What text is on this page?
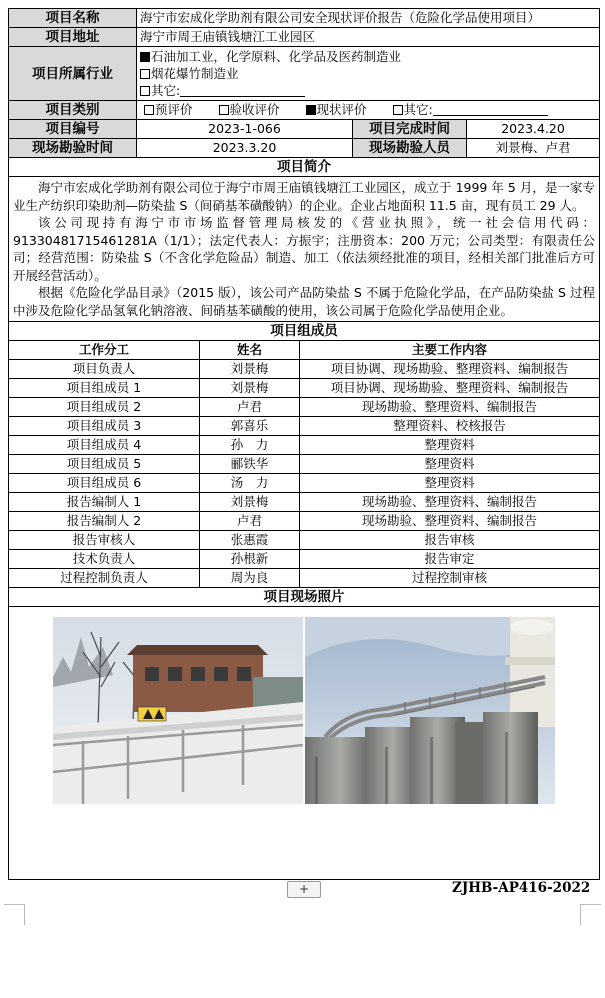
项目名称	海宁市宏成化学助剂有限公司安全现状评价报告（危险化学品使用项目）				
项目地址	海宁市周王庙镇钱塘江工业园区				
项目所属行业	石油加工业，化学原料、化学品及医药制造业
烟花爆竹制造业
其它:				

项目类别	预评价 验收评价 现状评价 其它:				
项目编号	2023-1-066			项目完成时间	2023.4.20
现场勘验时间	2023.3.20			现场勘验人员	刘景梅、卢君
项目简介					

海宁市宏成化学助剂有限公司位于海宁市周王庙镇钱塘江工业园区，成立于 1999 年 5 月，是一家专业生产纺织印染助剂—防染盐 S（间硝基苯磺酸钠）的企业。企业占地面积 11.5 亩，现有员工 29 人。

该公司现持有海宁市市场监督管理局核发的《营业执照》，统一社会信用代码：91330481715461281A（1/1）；法定代表人：方振宇；注册资本：200 万元；公司类型：有限责任公司；经营范围：防染盐 S（不含化学危险品）制造、加工（依法须经批准的项目，经相关部门批准后方可开展经营活动）。

根据《危险化学品目录》（2015 版），该公司产品防染盐 S 不属于危险化学品，在产品防染盐 S 过程中涉及危险化学品氢氧化钠溶液、间硝基苯磺酸的使用，该公司属于危险化学品使用企业。					

项目组成员					
工作分工		姓名	主要工作内容		
项目负责人		刘景梅	项目协调、现场勘验、整理资料、编制报告		
项目组成员 1		刘景梅	项目协调、现场勘验、整理资料、编制报告		
项目组成员 2		卢君	现场勘验、整理资料、编制报告		
项目组成员 3		郭喜乐	整理资料、校核报告		
项目组成员 4		孙　力	整理资料		
项目组成员 5		郦铁华	整理资料		
项目组成员 6		汤　力	整理资料		
报告编制人 1		刘景梅	现场勘验、整理资料、编制报告		
报告编制人 2		卢君	现场勘验、整理资料、编制报告		
报告审核人		张惠霞	报告审核		
技术负责人		孙根新	报告审定		
过程控制负责人		周为良	过程控制审核		
项目现场照片					

+	ZJHB-AP416-2022
